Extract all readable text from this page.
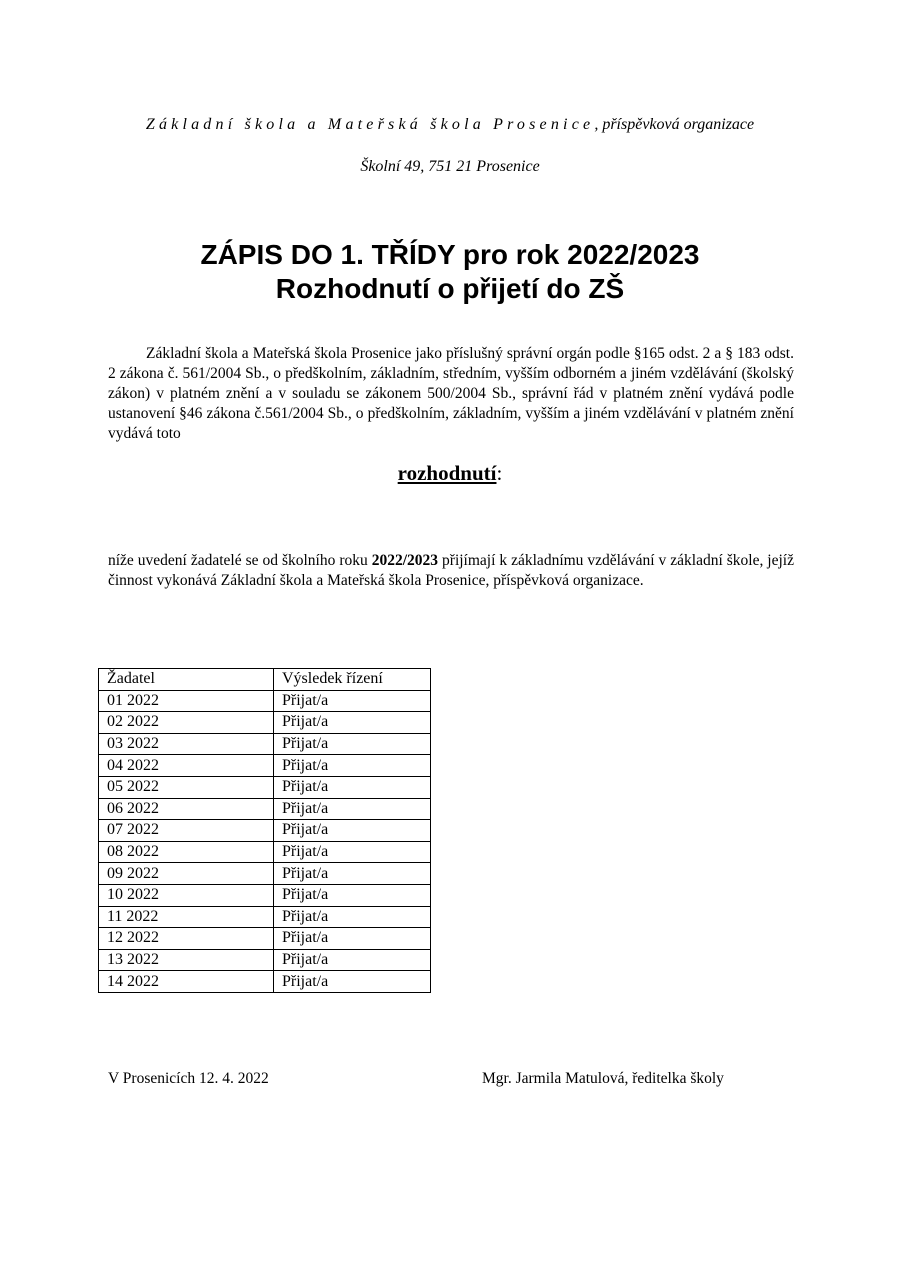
Základní škola a Mateřská škola Prosenice, příspěvková organizace
Školní 49, 751 21 Prosenice
ZÁPIS DO 1. TŘÍDY pro rok 2022/2023
Rozhodnutí o přijetí do ZŠ
Základní škola a Mateřská škola Prosenice jako příslušný správní orgán podle §165 odst. 2 a § 183 odst. 2 zákona č. 561/2004 Sb., o předškolním, základním, středním, vyšším odborném a jiném vzdělávání (školský zákon) v platném znění a v souladu se zákonem 500/2004 Sb., správní řád v platném znění vydává podle ustanovení §46 zákona č.561/2004 Sb., o předškolním, základním, vyšším a jiném vzdělávání v platném znění vydává toto
rozhodnutí:
níže uvedení žadatelé se od školního roku 2022/2023 přijímají k základnímu vzdělávání v základní škole, jejíž činnost vykonává Základní škola a Mateřská škola Prosenice, příspěvková organizace.
Žadatel	Výsledek řízení
01 2022	Přijat/a
02 2022	Přijat/a
03 2022	Přijat/a
04 2022	Přijat/a
05 2022	Přijat/a
06 2022	Přijat/a
07 2022	Přijat/a
08 2022	Přijat/a
09 2022	Přijat/a
10 2022	Přijat/a
11 2022	Přijat/a
12 2022	Přijat/a
13 2022	Přijat/a
14 2022	Přijat/a
V Prosenicích 12. 4. 2022	Mgr. Jarmila Matulová, ředitelka školy
